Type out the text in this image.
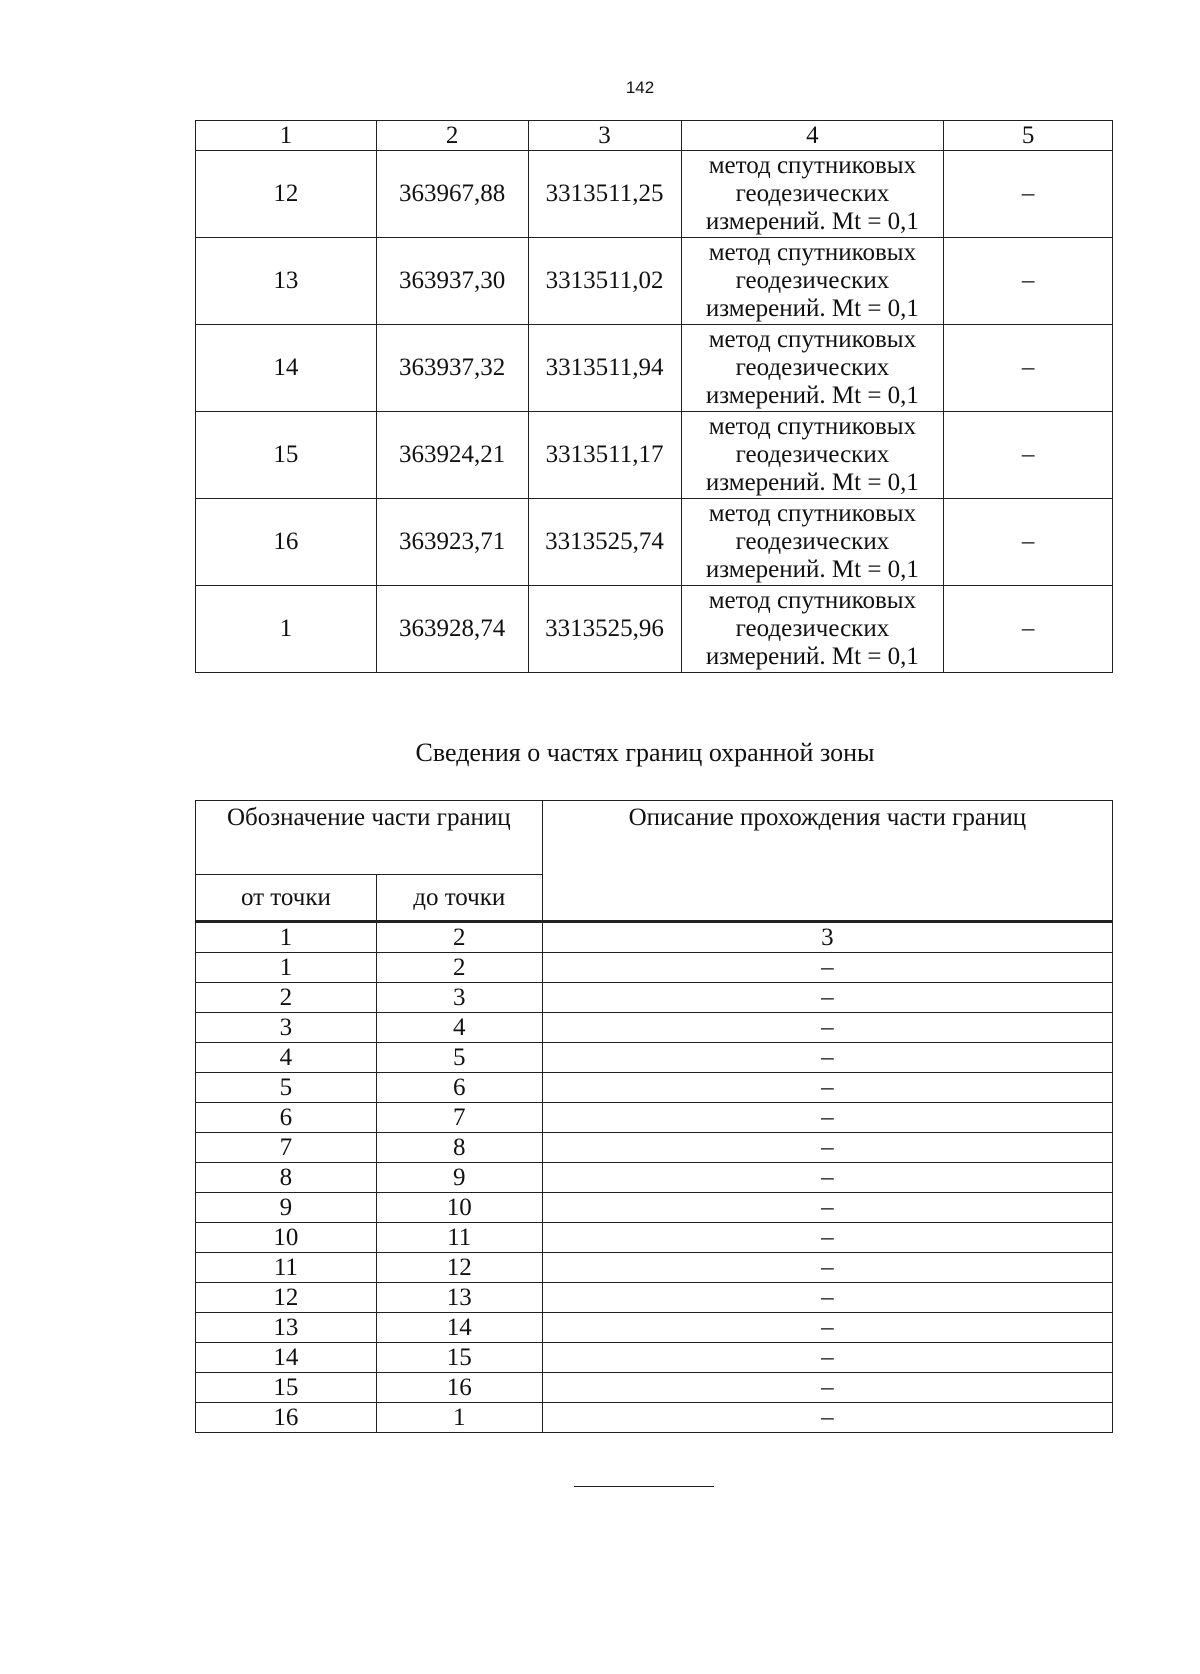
142
1	2	3	4	5
12	363967,88	3313511,25	метод спутниковых
геодезических
измерений. Mt = 0,1	–
13	363937,30	3313511,02	метод спутниковых
геодезических
измерений. Mt = 0,1	–
14	363937,32	3313511,94	метод спутниковых
геодезических
измерений. Mt = 0,1	–
15	363924,21	3313511,17	метод спутниковых
геодезических
измерений. Mt = 0,1	–
16	363923,71	3313525,74	метод спутниковых
геодезических
измерений. Mt = 0,1	–
1	363928,74	3313525,96	метод спутниковых
геодезических
измерений. Mt = 0,1	–
Сведения о частях границ охранной зоны
Обозначение части границ		Описание прохождения части границ
от точки	до точки	
1	2	3
1	2	–
2	3	–
3	4	–
4	5	–
5	6	–
6	7	–
7	8	–
8	9	–
9	10	–
10	11	–
11	12	–
12	13	–
13	14	–
14	15	–
15	16	–
16	1	–
